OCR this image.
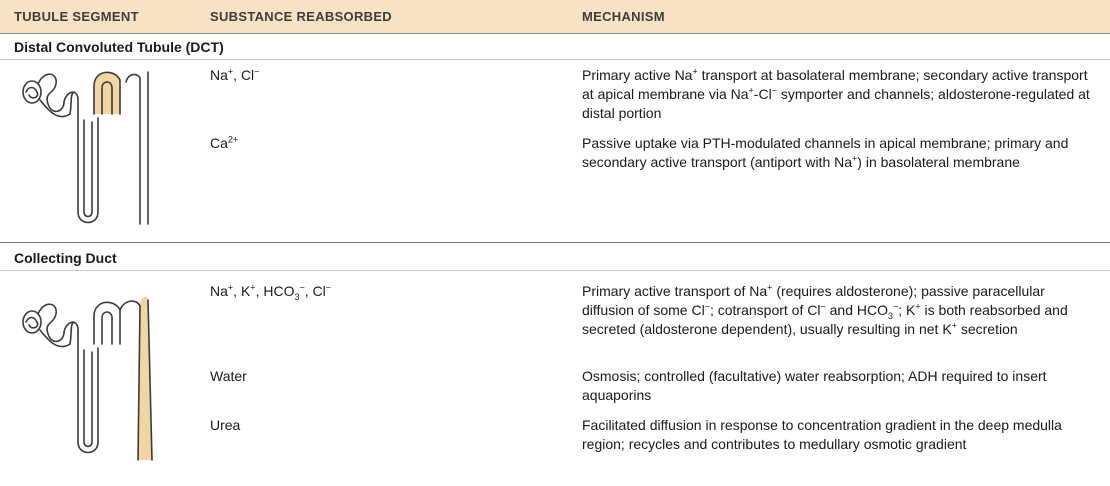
TUBULE SEGMENT	SUBSTANCE REABSORBED	MECHANISM
Distal Convoluted Tubule (DCT)
Na+, Cl−	Primary active Na+ transport at basolateral membrane; secondary active transport at apical membrane via Na+-Cl− symporter and channels; aldosterone-regulated at distal portion
$Ca^{2+}$	Passive uptake via PTH-modulated channels in apical membrane; primary and secondary active transport (antiport with Na+) in basolateral membrane
Collecting Duct
Na+, K+, $HCO_3^-$, Cl−	Primary active transport of Na+ (requires aldosterone); passive paracellular diffusion of some Cl−; cotransport of Cl− and $HCO_3^-$; K+ is both reabsorbed and secreted (aldosterone dependent), usually resulting in net K+ secretion
Water	Osmosis; controlled (facultative) water reabsorption; ADH required to insert aquaporins
Urea	Facilitated diffusion in response to concentration gradient in the deep medulla region; recycles and contributes to medullary osmotic gradient
